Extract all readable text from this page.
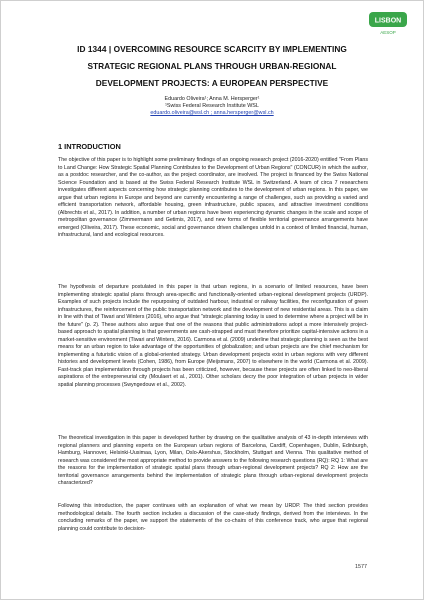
LISBON
AESOP
ID 1344 | OVERCOMING RESOURCE SCARCITY BY IMPLEMENTING
STRATEGIC REGIONAL PLANS THROUGH URBAN-REGIONAL
DEVELOPMENT PROJECTS: A EUROPEAN PERSPECTIVE
Eduardo Oliveira¹; Anna M. Hersperger¹
¹Swiss Federal Research Institute WSL
eduardo.oliveira@wsl.ch ; anna.hersperger@wsl.ch
1 INTRODUCTION

The objective of this paper is to highlight some preliminary findings of an ongoing research project (2016-2020) entitled "From Plans to Land Change: How Strategic Spatial Planning Contributes to the Development of Urban Regions" (CONCUR) in which the author, as a postdoc researcher, and the co-author, as the project coordinator, are involved. The project is financed by the Swiss National Science Foundation and is based at the Swiss Federal Research Institute WSL in Switzerland. A team of circa 7 researchers investigates different aspects concerning how strategic planning contributes to the development of urban regions. In this paper, we argue that urban regions in Europe and beyond are currently encountering a range of challenges, such as providing a varied and efficient transportation network, affordable housing, green infrastructure, public spaces, and attractive investment conditions (Albrechts et al., 2017). In addition, a number of urban regions have been experiencing dynamic changes in the scale and scope of metropolitan governance (Zimmermann and Getimis, 2017), and new forms of flexible territorial governance arrangements have emerged (Oliveira, 2017). These economic, social and governance driven challenges unfold in a context of limited financial, human, infrastructural, land and ecological resources.

The hypothesis of departure postulated in this paper is that urban regions, in a scenario of limited resources, have been implementing strategic spatial plans through area-specific and functionally-oriented urban-regional development projects (URDP). Examples of such projects include the repurposing of outdated harbour, industrial or railway facilities, the reconfiguration of green infrastructures, the reinforcement of the public transportation network and the development of new residential areas. This is a claim in line with that of Tiwari and Winters (2016), who argue that "strategic planning today is used to determine where a project will be in the future" (p. 2). These authors also argue that one of the reasons that public administrations adopt a more intensively project-based approach to spatial planning is that governments are cash-strapped and must therefore prioritize capital-intensive actions in a market-sensitive environment (Tiwari and Winters, 2016). Carmona et al. (2009) underline that strategic planning is seen as the best means for an urban region to take advantage of the opportunities of globalization; and urban projects are the chief mechanism for implementing a futuristic vision of a global-oriented strategy. Urban development projects exist in urban regions with very different histories and development levels (Cohen, 1986), from Europe (Meijsmans, 2007) to elsewhere in the world (Carmona et al. 2009). Fast-track plan implementation through projects has been criticized, however, because these projects are often linked to neo-liberal aspirations of the entrepreneurial city (Moulaert et al., 2001). Other scholars decry the poor integration of urban projects in wider spatial planning processes (Swyngedouw et al., 2002).

The theoretical investigation in this paper is developed further by drawing on the qualitative analysis of 43 in-depth interviews with regional planners and planning experts on the European urban regions of Barcelona, Cardiff, Copenhagen, Dublin, Edinburgh, Hamburg, Hannover, Helsinki-Uusimaa, Lyon, Milan, Oslo-Akershus, Stockholm, Stuttgart and Vienna. This qualitative method of research was considered the most appropriate method to provide answers to the following research questions (RQ): RQ 1: What are the reasons for the implementation of strategic spatial plans through urban-regional development projects? RQ 2: How are the territorial governance arrangements behind the implementation of strategic plans through urban-regional development projects characterized?

Following this introduction, the paper continues with an explanation of what we mean by URDP. The third section provides methodological details. The fourth section includes a discussion of the case-study findings, derived from the interviews. In the concluding remarks of the paper, we support the statements of the co-chairs of this conference track, who argue that regional planning could contribute to decision-

1577
